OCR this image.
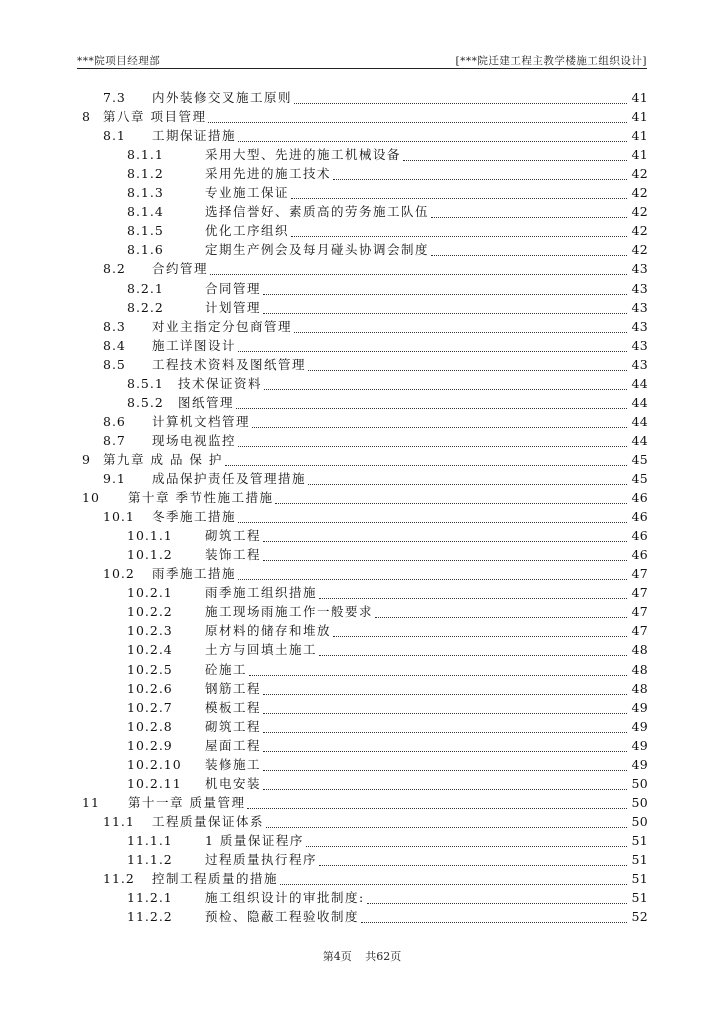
***院项目经理部	[***院迁建工程主教学楼施工组织设计]
7.3 内外装修交叉施工原则	41
8 第八章 项目管理	41
8.1 工期保证措施	41
8.1.1	采用大型、先进的施工机械设备	41
8.1.2	采用先进的施工技术	42
8.1.3	专业施工保证	42
8.1.4	选择信誉好、素质高的劳务施工队伍	42
8.1.5	优化工序组织	42
8.1.6	定期生产例会及每月碰头协调会制度	42
8.2 合约管理	43
8.2.1	合同管理	43
8.2.2	计划管理	43
8.3 对业主指定分包商管理	43
8.4 施工详图设计	43
8.5 工程技术资料及图纸管理	43
8.5.1 技术保证资料	44
8.5.2 图纸管理	44
8.6 计算机文档管理	44
8.7 现场电视监控	44
9 第九章 成 品 保 护	45
9.1 成品保护责任及管理措施	45
10 第十章 季节性施工措施	46
10.1 冬季施工措施	46
10.1.1	砌筑工程	46
10.1.2	装饰工程	46
10.2 雨季施工措施	47
10.2.1	雨季施工组织措施	47
10.2.2	施工现场雨施工作一般要求	47
10.2.3	原材料的储存和堆放	47
10.2.4	土方与回填土施工	48
10.2.5	砼施工	48
10.2.6	钢筋工程	48
10.2.7	模板工程	49
10.2.8	砌筑工程	49
10.2.9	屋面工程	49
10.2.10 装修施工	49
10.2.11 机电安装	50
11 第十一章 质量管理	50
11.1 工程质量保证体系	50
11.1.1	1 质量保证程序	51
11.1.2	过程质量执行程序	51
11.2 控制工程质量的措施	51
11.2.1	施工组织设计的审批制度:	51
11.2.2	预检、隐蔽工程验收制度	52
第4页 共62页
